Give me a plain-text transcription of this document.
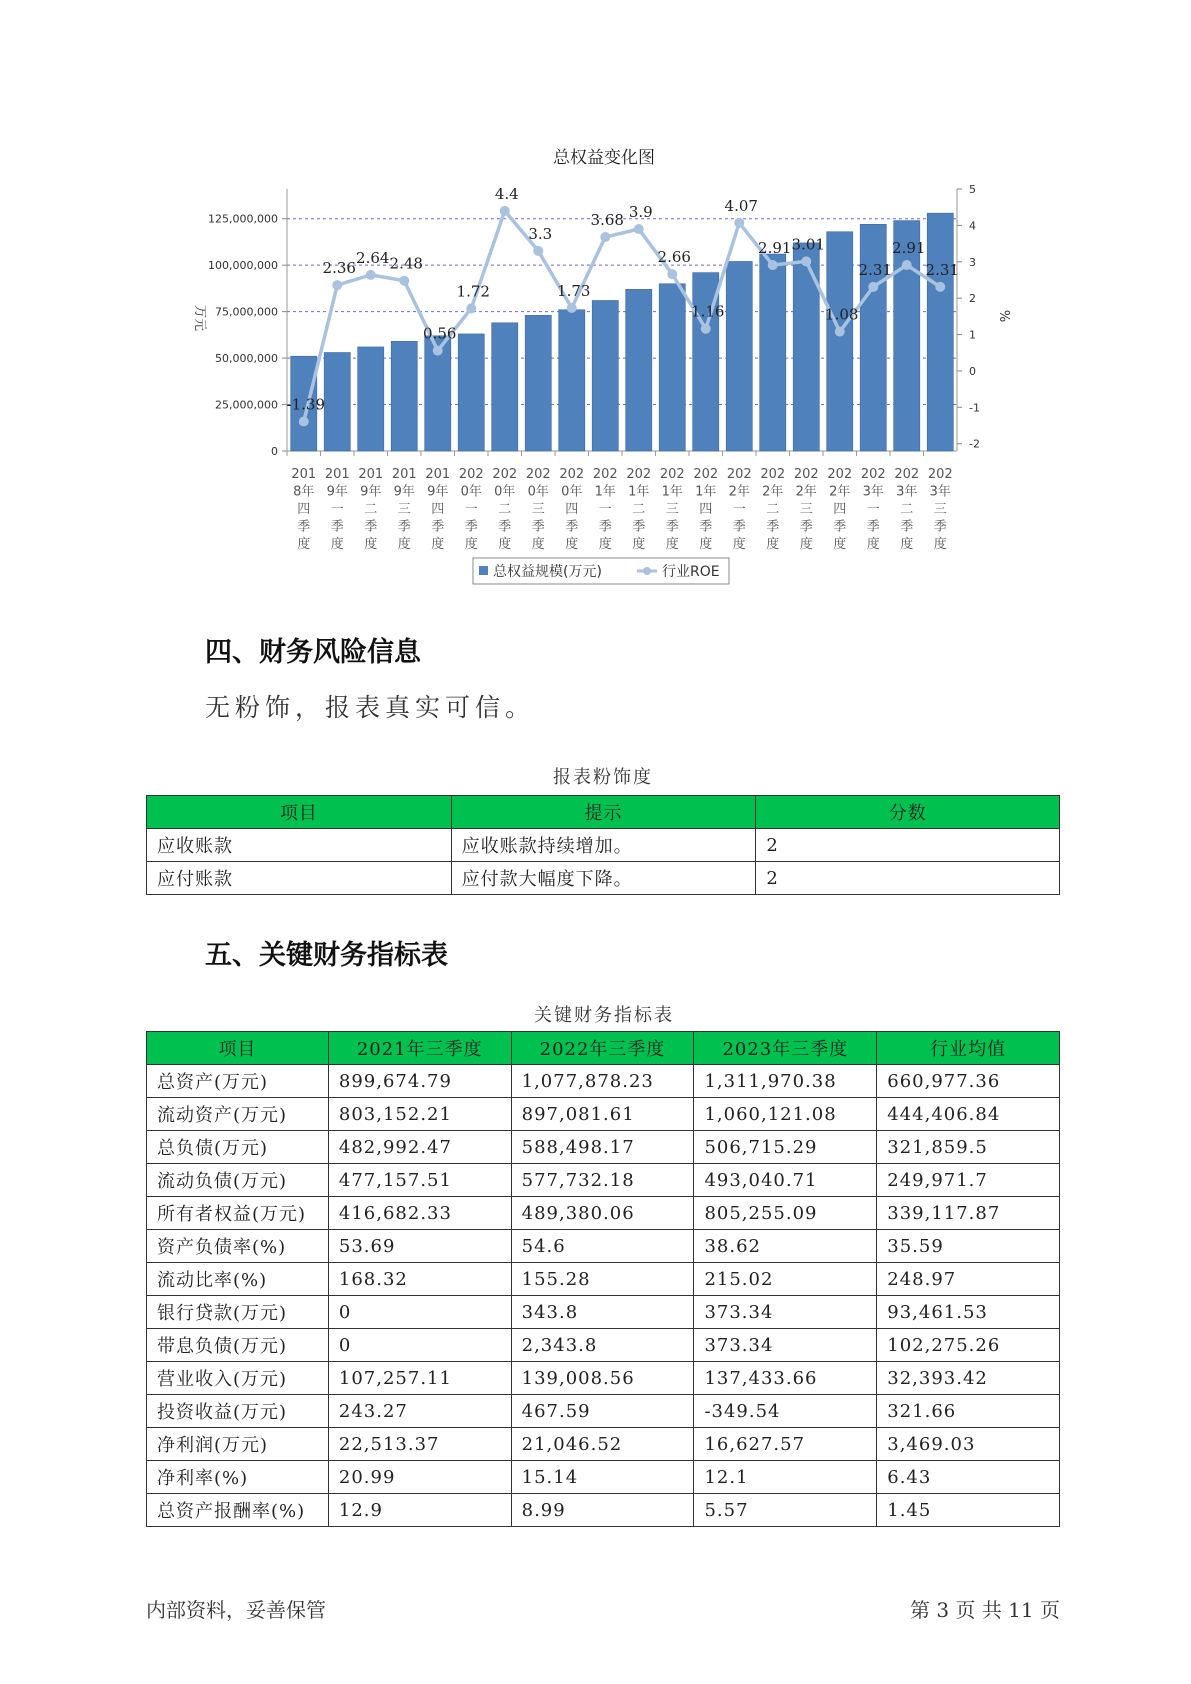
总权益变化图
0
25,000,000
50,000,000
75,000,000
100,000,000
125,000,000
-2
-1
0
1
2
3
4
5
万元	%
201
8年
四
季
度
201
9年
一
季
度
201
9年
二
季
度
201
9年
三
季
度
201
9年
四
季
度
202
0年
一
季
度
202
0年
二
季
度
202
0年
三
季
度
202
0年
四
季
度
202
1年
一
季
度
202
1年
二
季
度
202
1年
三
季
度
202
1年
四
季
度
202
2年
一
季
度
202
2年
二
季
度
202
2年
三
季
度
202
2年
四
季
度
202
3年
一
季
度
202
3年
二
季
度
202
3年
三
季
度
-1.39
2.36
2.64 2.48
0.56
1.72
4.4
3.3
1.73
3.68 3.9
2.66
1.16
4.07
2.91 3.01
1.08
2.31
2.91
2.31
总权益规模(万元)	行业ROE
四、财务风险信息
无粉饰，报表真实可信。
报表粉饰度
项目	提示	分数
应收账款	应收账款持续增加。	2
应付账款	应付款大幅度下降。	2
五、关键财务指标表
关键财务指标表
项目	2021年三季度	2022年三季度	2023年三季度	行业均值
总资产(万元)	899,674.79	1,077,878.23	1,311,970.38	660,977.36
流动资产(万元)	803,152.21	897,081.61	1,060,121.08	444,406.84
总负债(万元)	482,992.47	588,498.17	506,715.29	321,859.5
流动负债(万元)	477,157.51	577,732.18	493,040.71	249,971.7
所有者权益(万元)	416,682.33	489,380.06	805,255.09	339,117.87
资产负债率(%)	53.69	54.6	38.62	35.59
流动比率(%)	168.32	155.28	215.02	248.97
银行贷款(万元)	0	343.8	373.34	93,461.53
带息负债(万元)	0	2,343.8	373.34	102,275.26
营业收入(万元)	107,257.11	139,008.56	137,433.66	32,393.42
投资收益(万元)	243.27	467.59	-349.54	321.66
净利润(万元)	22,513.37	21,046.52	16,627.57	3,469.03
净利率(%)	20.99	15.14	12.1	6.43
总资产报酬率(%)	12.9	8.99	5.57	1.45
内部资料，妥善保管	第 3 页 共 11 页
